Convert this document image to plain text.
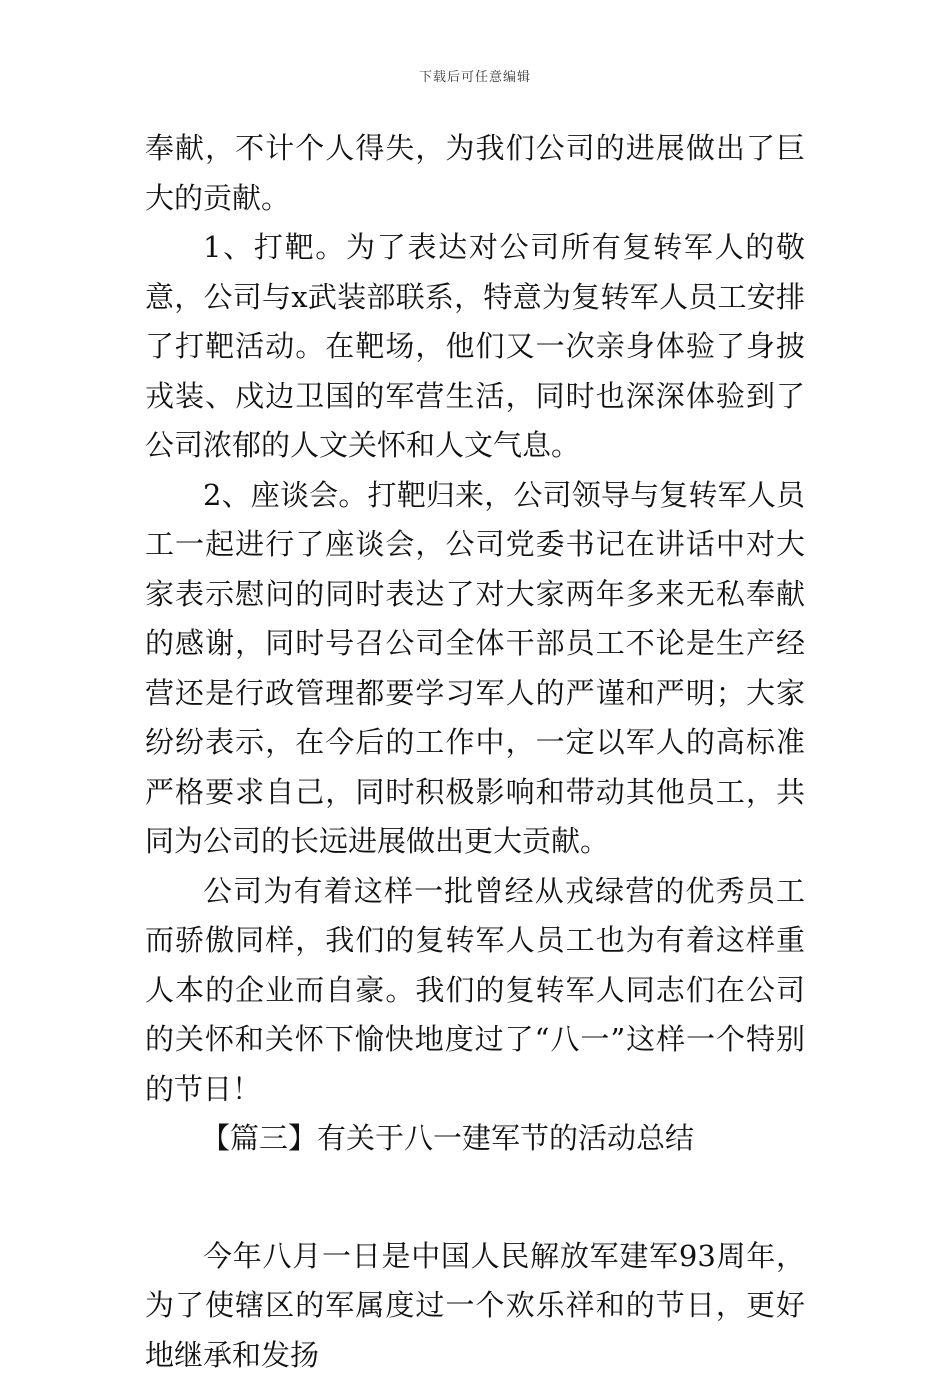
下载后可任意编辑

奉献，不计个人得失，为我们公司的进展做出了巨大的贡献。

1、打靶。为了表达对公司所有复转军人的敬意，公司与x武装部联系，特意为复转军人员工安排了打靶活动。在靶场，他们又一次亲身体验了身披戎装、戍边卫国的军营生活，同时也深深体验到了公司浓郁的人文关怀和人文气息。

2、座谈会。打靶归来，公司领导与复转军人员工一起进行了座谈会，公司党委书记在讲话中对大家表示慰问的同时表达了对大家两年多来无私奉献的感谢，同时号召公司全体干部员工不论是生产经营还是行政管理都要学习军人的严谨和严明；大家纷纷表示，在今后的工作中，一定以军人的高标准严格要求自己，同时积极影响和带动其他员工，共同为公司的长远进展做出更大贡献。

公司为有着这样一批曾经从戎绿营的优秀员工而骄傲同样，我们的复转军人员工也为有着这样重人本的企业而自豪。我们的复转军人同志们在公司的关怀和关怀下愉快地度过了“八一”这样一个特别的节日！

【篇三】有关于八一建军节的活动总结

今年八月一日是中国人民解放军建军93周年，为了使辖区的军属度过一个欢乐祥和的节日，更好地继承和发扬
